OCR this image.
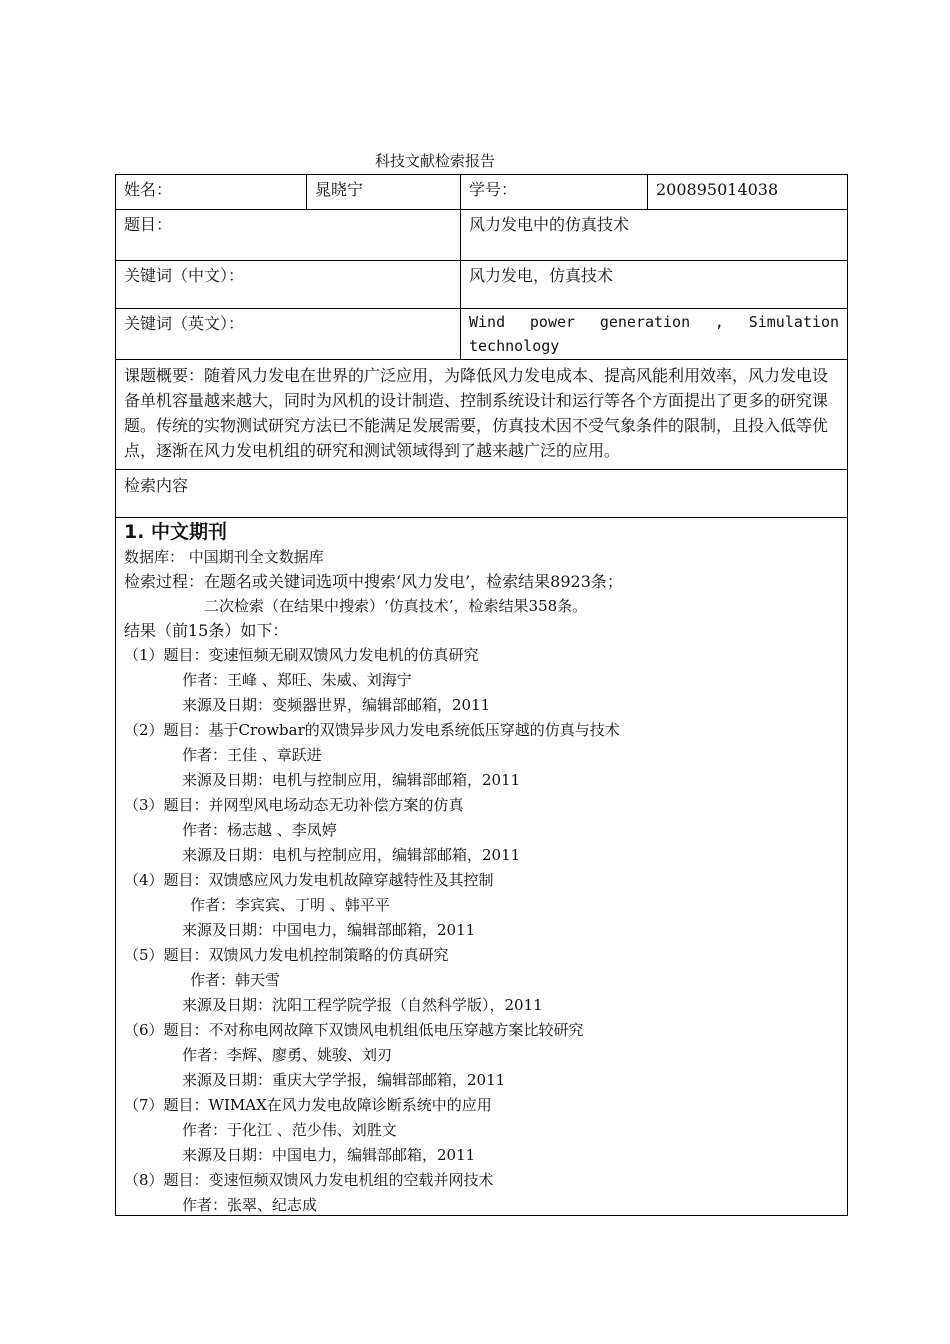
科技文献检索报告
姓名：	晁晓宁	学号：	200895014038
题目：	风力发电中的仿真技术
关键词（中文）：	风力发电，仿真技术
关键词（英文）：	Wind power generation , Simulation
technology
课题概要：随着风力发电在世界的广泛应用，为降低风力发电成本、提高风能利用效率，风力发电设备单机容量越来越大，同时为风机的设计制造、控制系统设计和运行等各个方面提出了更多的研究课题。传统的实物测试研究方法已不能满足发展需要，仿真技术因不受气象条件的限制，且投入低等优点，逐渐在风力发电机组的研究和测试领域得到了越来越广泛的应用。
检索内容
1. 中文期刊
数据库： 中国期刊全文数据库
检索过程：在题名或关键词选项中搜索‘风力发电’，检索结果8923条；
二次检索（在结果中搜索）‘仿真技术’，检索结果358条。
结果（前15条）如下：
（1）题目：变速恒频无刷双馈风力发电机的仿真研究
作者：王峰 、郑旺、朱威、刘海宁
来源及日期：变频器世界，编辑部邮箱，2011
（2）题目：基于Crowbar的双馈异步风力发电系统低压穿越的仿真与技术
作者：王佳 、章跃进
来源及日期：电机与控制应用，编辑部邮箱，2011
（3）题目：并网型风电场动态无功补偿方案的仿真
作者：杨志越 、李凤婷
来源及日期：电机与控制应用，编辑部邮箱，2011
（4）题目：双馈感应风力发电机故障穿越特性及其控制
作者：李宾宾、丁明 、韩平平
来源及日期：中国电力，编辑部邮箱，2011
（5）题目：双馈风力发电机控制策略的仿真研究
作者：韩天雪
来源及日期：沈阳工程学院学报（自然科学版），2011
（6）题目：不对称电网故障下双馈风电机组低电压穿越方案比较研究
作者：李辉、廖勇、姚骏、刘刃
来源及日期：重庆大学学报，编辑部邮箱，2011
（7）题目：WIMAX在风力发电故障诊断系统中的应用
作者：于化江 、范少伟、刘胜文
来源及日期：中国电力，编辑部邮箱，2011
（8）题目：变速恒频双馈风力发电机组的空载并网技术
作者：张翠、纪志成
